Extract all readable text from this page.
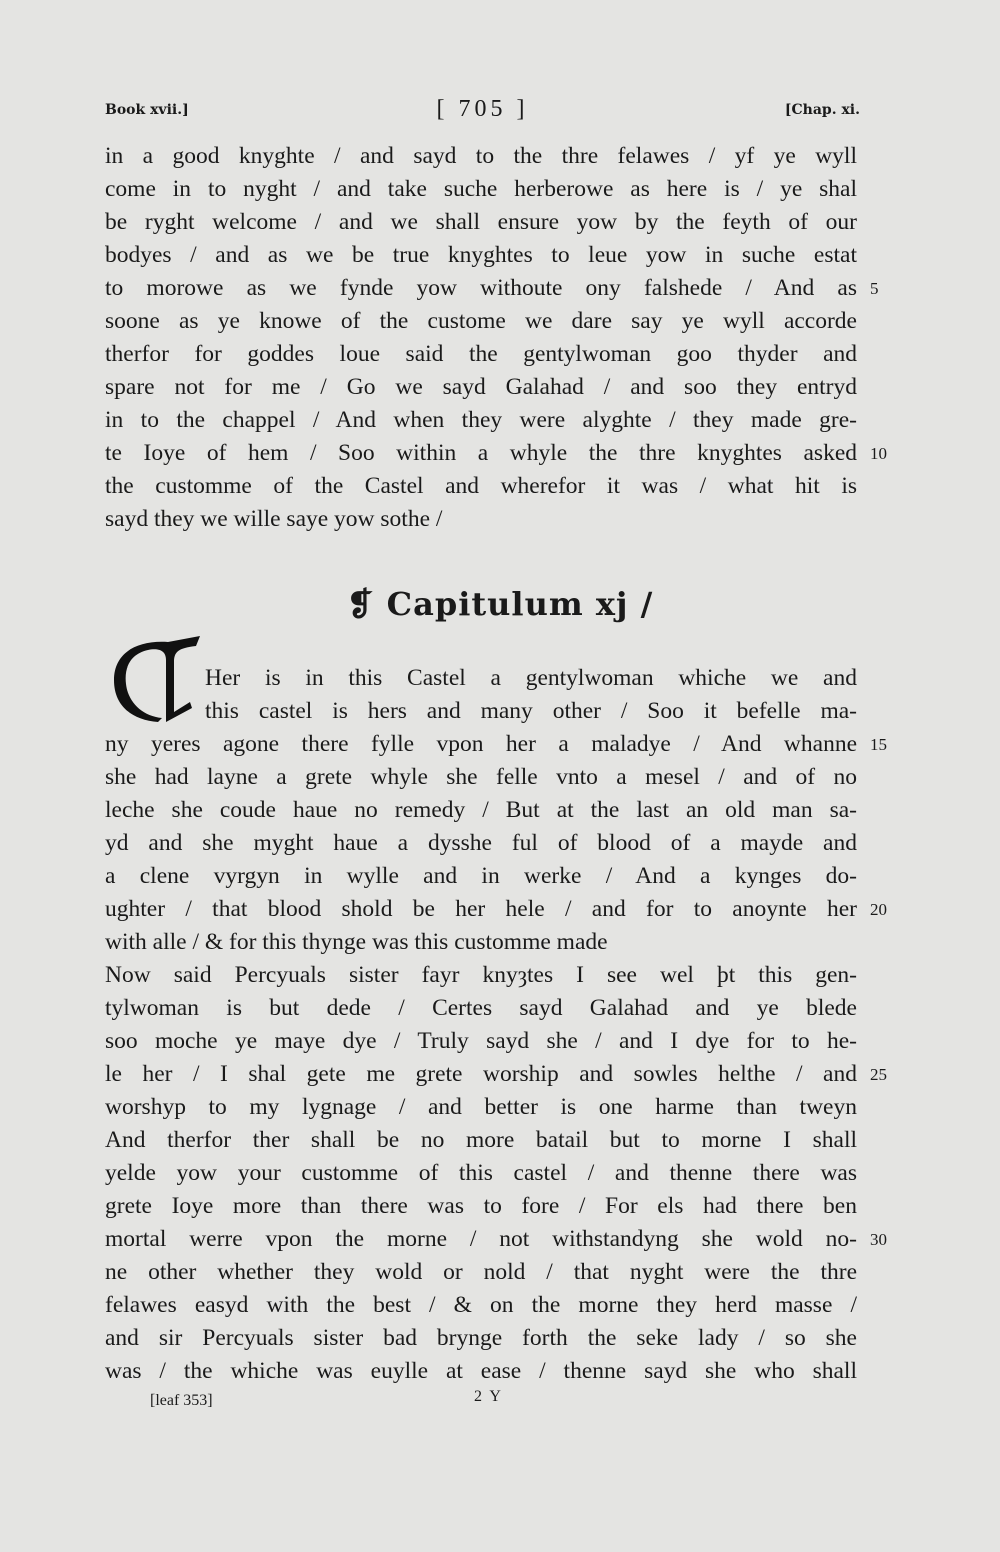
Book xvii.]	[ 705 ]	[Chap. xi.
in a good knyghte / and sayd to the thre felawes / yf ye wyll
come in to nyght / and take suche herberowe as here is / ye shal
be ryght welcome / and we shall ensure yow by the feyth of our
bodyes / and as we be true knyghtes to leue yow in suche estat
to morowe as we fynde yow withoute ony falshede / And as
soone as ye knowe of the custome we dare say ye wyll accorde
therfor for goddes loue said the gentylwoman goo thyder and
spare not for me / Go we sayd Galahad / and soo they entryd
in to the chappel / And when they were alyghte / they made gre-
te Ioye of hem / Soo within a whyle the thre knyghtes asked
the customme of the Castel and wherefor it was / what hit is
sayd they we wille saye yow sothe /
❡ Capitulum xj /
Her is in this Castel a gentylwoman whiche we and
this castel is hers and many other / Soo it befelle ma-
ny yeres agone there fylle vpon her a maladye / And whanne
she had layne a grete whyle she felle vnto a mesel / and of no
leche she coude haue no remedy / But at the last an old man sa-
yd and she myght haue a dysshe ful of blood of a mayde and
a clene vyrgyn in wylle and in werke / And a kynges do-
ughter / that blood shold be her hele / and for to anoynte her
with alle / & for this thynge was this customme made
Now said Percyuals sister fayr knyȝtes I see wel þt this gen-
tylwoman is but dede / Certes sayd Galahad and ye blede
soo moche ye maye dye / Truly sayd she / and I dye for to he-
le her / I shal gete me grete worship and sowles helthe / and
worshyp to my lygnage / and better is one harme than tweyn
And therfor ther shall be no more batail but to morne I shall
yelde yow your customme of this castel / and thenne there was
grete Ioye more than there was to fore / For els had there ben
mortal werre vpon the morne / not withstandyng she wold no-
ne other whether they wold or nold / that nyght were the thre
felawes easyd with the best / & on the morne they herd masse /
and sir Percyuals sister bad brynge forth the seke lady / so she
was / the whiche was euylle at ease / thenne sayd she who shall
5
10
15
20
25
30
[leaf 353]	2 Y
